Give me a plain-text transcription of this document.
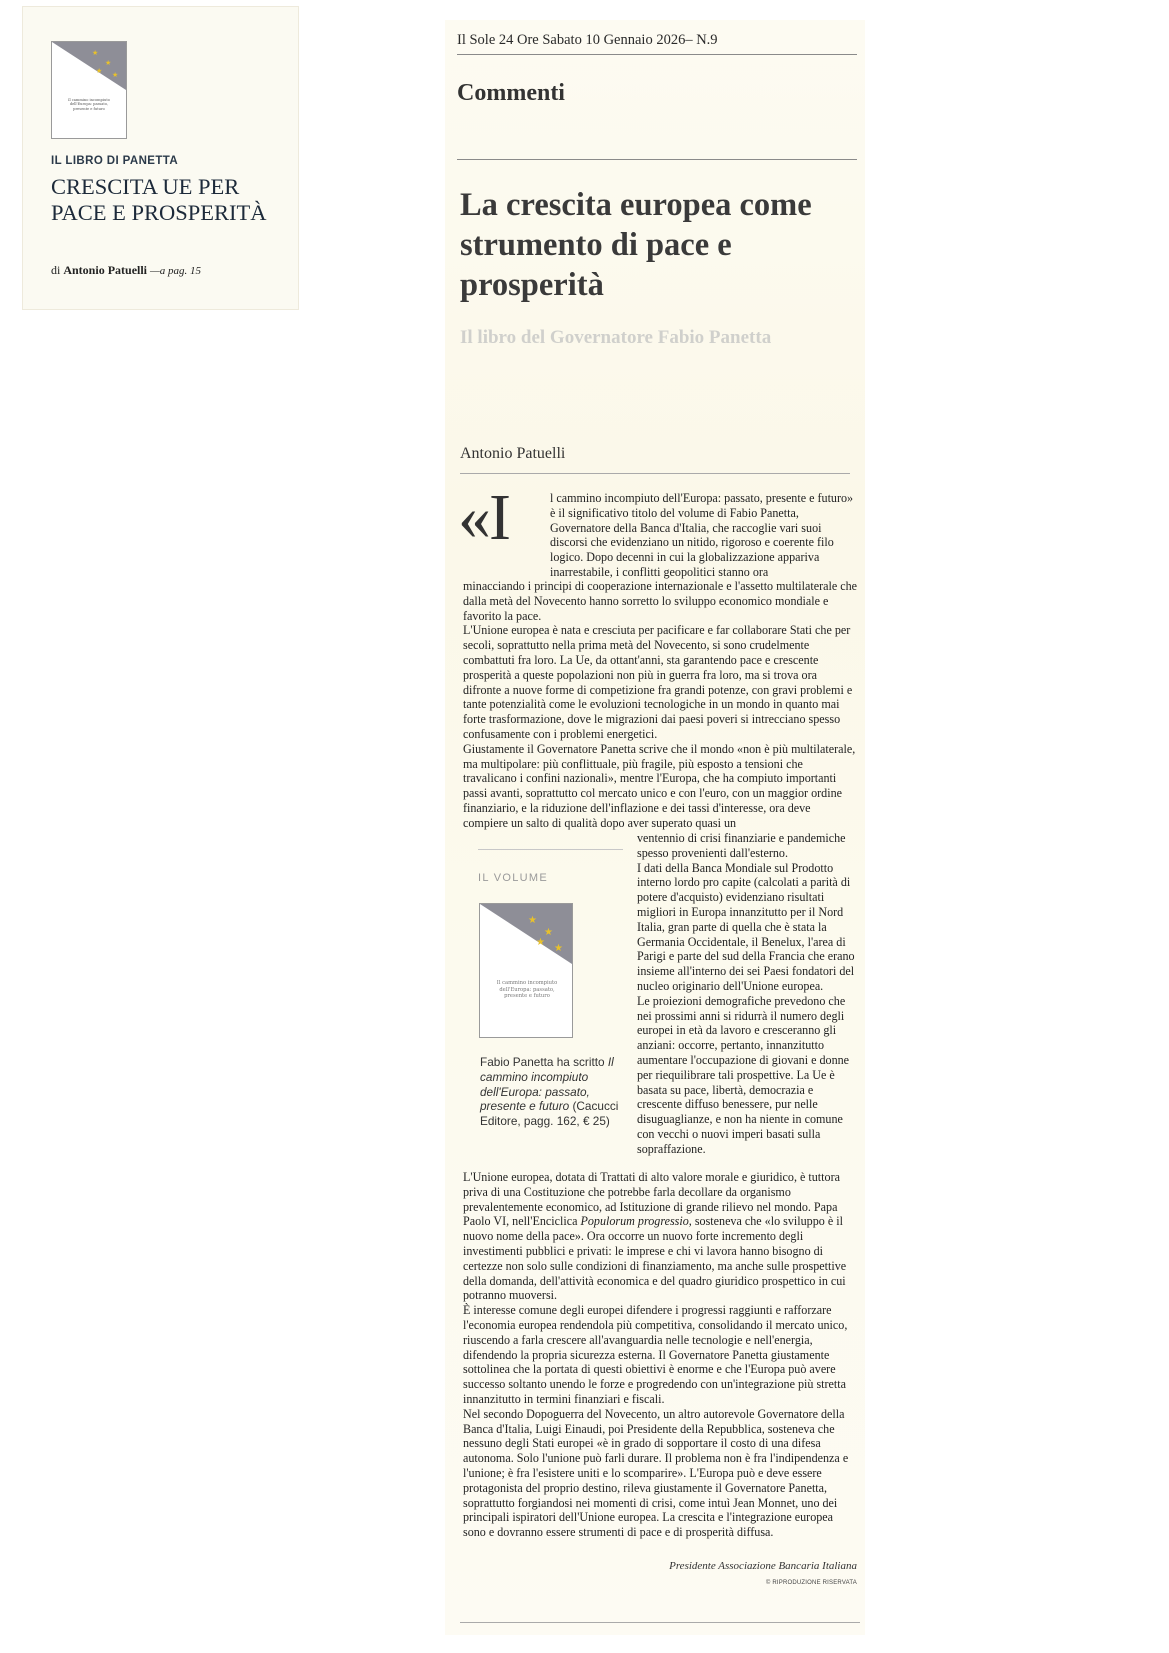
★
★
★ ★
Il cammino incompiuto dell'Europa: passato, presente e futuro
IL LIBRO DI PANETTA
CRESCITA UE PER PACE E PROSPERITÀ
di Antonio Patuelli —a pag. 15
Il Sole 24 Ore Sabato 10 Gennaio 2026– N.9
Commenti
La crescita europea come strumento di pace e prosperità
Il libro del Governatore Fabio Panetta
Antonio Patuelli
«I	l cammino incompiuto dell'Europa: passato, presente e futuro» è il significativo titolo del volume di Fabio Panetta, Governatore della Banca d'Italia, che raccoglie vari suoi discorsi che evidenziano un nitido, rigoroso e coerente filo logico. Dopo decenni in cui la globalizzazione appariva inarrestabile, i conflitti geopolitici stanno ora

minacciando i principi di cooperazione internazionale e l'assetto multilaterale che dalla metà del Novecento hanno sorretto lo sviluppo economico mondiale e favorito la pace.

L'Unione europea è nata e cresciuta per pacificare e far collaborare Stati che per secoli, soprattutto nella prima metà del Novecento, si sono crudelmente combattuti fra loro. La Ue, da ottant'anni, sta garantendo pace e crescente prosperità a queste popolazioni non più in guerra fra loro, ma si trova ora difronte a nuove forme di competizione fra grandi potenze, con gravi problemi e tante potenzialità come le evoluzioni tecnologiche in un mondo in quanto mai forte trasformazione, dove le migrazioni dai paesi poveri si intrecciano spesso confusamente con i problemi energetici.

Giustamente il Governatore Panetta scrive che il mondo «non è più multilaterale, ma multipolare: più conflittuale, più fragile, più esposto a tensioni che travalicano i confini nazionali», mentre l'Europa, che ha compiuto importanti passi avanti, soprattutto col mercato unico e con l'euro, con un maggior ordine finanziario, e la riduzione dell'inflazione e dei tassi d'interesse, ora deve compiere un salto di qualità dopo aver superato quasi un

IL VOLUME
★
★
★
★
Il cammino incompiuto dell'Europa: passato, presente e futuro
Fabio Panetta ha scritto Il cammino incompiuto dell'Europa: passato, presente e futuro (Cacucci Editore, pagg. 162, € 25)

ventennio di crisi finanziarie e pandemiche spesso provenienti dall'esterno.

I dati della Banca Mondiale sul Prodotto interno lordo pro capite (calcolati a parità di potere d'acquisto) evidenziano risultati migliori in Europa innanzitutto per il Nord Italia, gran parte di quella che è stata la Germania Occidentale, il Benelux, l'area di Parigi e parte del sud della Francia che erano insieme all'interno dei sei Paesi fondatori del nucleo originario dell'Unione europea.

Le proiezioni demografiche prevedono che nei prossimi anni si ridurrà il numero degli europei in età da lavoro e cresceranno gli anziani: occorre, pertanto, innanzitutto aumentare l'occupazione di giovani e donne per riequilibrare tali prospettive. La Ue è basata su pace, libertà, democrazia e crescente diffuso benessere, pur nelle disuguaglianze, e non ha niente in comune con vecchi o nuovi imperi basati sulla sopraffazione.

L'Unione europea, dotata di Trattati di alto valore morale e giuridico, è tuttora priva di una Costituzione che potrebbe farla decollare da organismo prevalentemente economico, ad Istituzione di grande rilievo nel mondo. Papa Paolo VI, nell'Enciclica Populorum progressio, sosteneva che «lo sviluppo è il nuovo nome della pace». Ora occorre un nuovo forte incremento degli investimenti pubblici e privati: le imprese e chi vi lavora hanno bisogno di certezze non solo sulle condizioni di finanziamento, ma anche sulle prospettive della domanda, dell'attività economica e del quadro giuridico prospettico in cui potranno muoversi.

È interesse comune degli europei difendere i progressi raggiunti e rafforzare l'economia europea rendendola più competitiva, consolidando il mercato unico, riuscendo a farla crescere all'avanguardia nelle tecnologie e nell'energia, difendendo la propria sicurezza esterna. Il Governatore Panetta giustamente sottolinea che la portata di questi obiettivi è enorme e che l'Europa può avere successo soltanto unendo le forze e progredendo con un'integrazione più stretta innanzitutto in termini finanziari e fiscali.

Nel secondo Dopoguerra del Novecento, un altro autorevole Governatore della Banca d'Italia, Luigi Einaudi, poi Presidente della Repubblica, sosteneva che nessuno degli Stati europei «è in grado di sopportare il costo di una difesa autonoma. Solo l'unione può farli durare. Il problema non è fra l'indipendenza e l'unione; è fra l'esistere uniti e lo scomparire». L'Europa può e deve essere protagonista del proprio destino, rileva giustamente il Governatore Panetta, soprattutto forgiandosi nei momenti di crisi, come intuì Jean Monnet, uno dei principali ispiratori dell'Unione europea. La crescita e l'integrazione europea sono e dovranno essere strumenti di pace e di prosperità diffusa.

Presidente Associazione Bancaria Italiana
© RIPRODUZIONE RISERVATA
